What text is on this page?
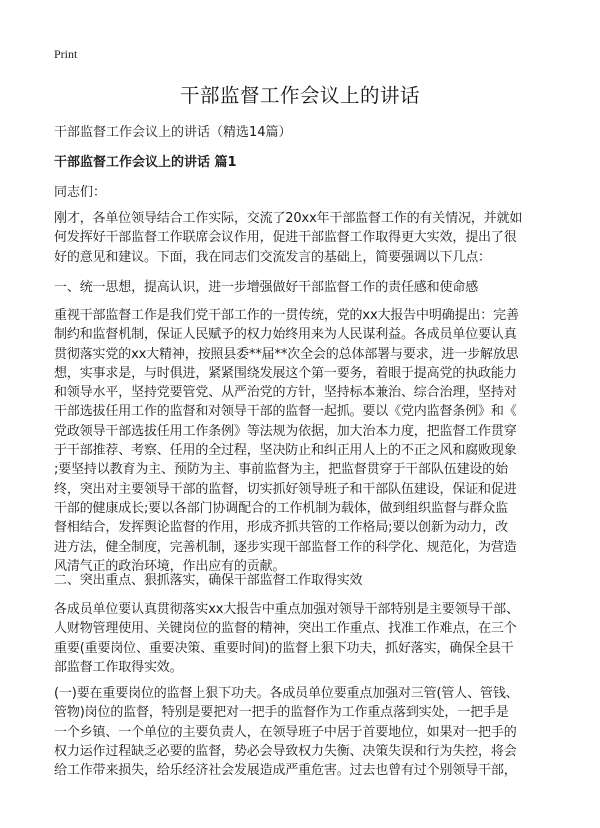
Print
干部监督工作会议上的讲话
干部监督工作会议上的讲话（精选14篇）
干部监督工作会议上的讲话 篇1
同志们：
刚才，各单位领导结合工作实际，交流了20xx年干部监督工作的有关情况，并就如
何发挥好干部监督工作联席会议作用，促进干部监督工作取得更大实效，提出了很
好的意见和建议。下面，我在同志们交流发言的基础上，简要强调以下几点：
一、统一思想，提高认识，进一步增强做好干部监督工作的责任感和使命感
重视干部监督工作是我们党干部工作的一贯传统，党的xx大报告中明确提出：完善
制约和监督机制，保证人民赋予的权力始终用来为人民谋利益。各成员单位要认真
贯彻落实党的xx大精神，按照县委**届**次全会的总体部署与要求，进一步解放思
想，实事求是，与时俱进，紧紧围绕发展这个第一要务，着眼于提高党的执政能力
和领导水平，坚持党要管党、从严治党的方针，坚持标本兼治、综合治理，坚持对
干部选拔任用工作的监督和对领导干部的监督一起抓。要以《党内监督条例》和《
党政领导干部选拔任用工作条例》等法规为依据，加大治本力度，把监督工作贯穿
于干部推荐、考察、任用的全过程，坚决防止和纠正用人上的不正之风和腐败现象
;要坚持以教育为主、预防为主、事前监督为主，把监督贯穿于干部队伍建设的始
终，突出对主要领导干部的监督，切实抓好领导班子和干部队伍建设，保证和促进
干部的健康成长;要以各部门协调配合的工作机制为载体，做到组织监督与群众监
督相结合，发挥舆论监督的作用，形成齐抓共管的工作格局;要以创新为动力，改
进方法，健全制度，完善机制，逐步实现干部监督工作的科学化、规范化，为营造
风清气正的政治环境，作出应有的贡献。
二、突出重点、狠抓落实，确保干部监督工作取得实效
各成员单位要认真贯彻落实xx大报告中重点加强对领导干部特别是主要领导干部、
人财物管理使用、关键岗位的监督的精神，突出工作重点、找准工作难点，在三个
重要(重要岗位、重要决策、重要时间)的监督上狠下功夫，抓好落实，确保全县干
部监督工作取得实效。
(一)要在重要岗位的监督上狠下功夫。各成员单位要重点加强对三管(管人、管钱、
管物)岗位的监督，特别是要把对一把手的监督作为工作重点落到实处，一把手是
一个乡镇、一个单位的主要负责人，在领导班子中居于首要地位，如果对一把手的
权力运作过程缺乏必要的监督，势必会导致权力失衡、决策失误和行为失控，将会
给工作带来损失，给乐经济社会发展造成严重危害。过去也曾有过个别领导干部，
